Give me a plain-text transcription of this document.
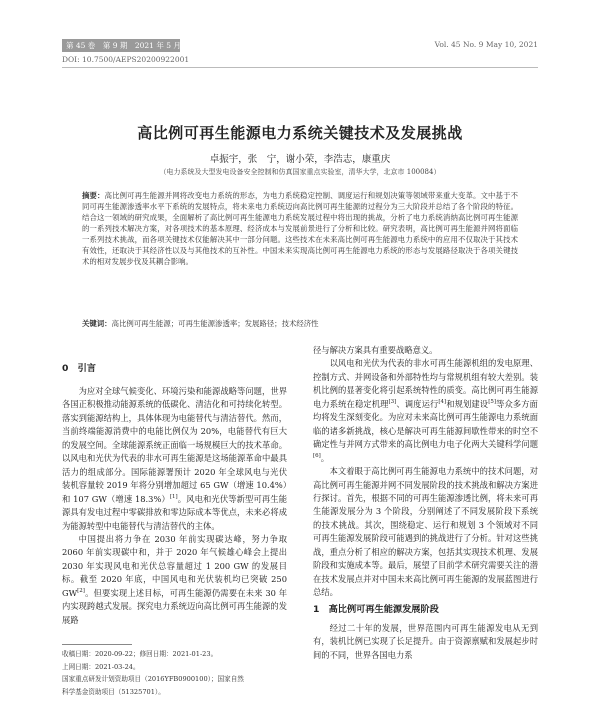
第 45 卷　第 9 期　2021 年 5 月 10 日	Vol. 45 No. 9 May 10, 2021
DOI: 10.7500/AEPS20200922001
高比例可再生能源电力系统关键技术及发展挑战
卓振宇，张　宁，谢小荣，李浩志，康重庆
（电力系统及大型发电设备安全控制和仿真国家重点实验室，清华大学，北京市 100084）
摘要：高比例可再生能源并网将改变电力系统的形态，为电力系统稳定控制、调度运行和规划决策等领域带来重大变革。文中基于不同可再生能源渗透率水平下系统的发展特点，将未来电力系统迈向高比例可再生能源的过程分为三大阶段并总结了各个阶段的特征。结合这一领域的研究成果，全面解析了高比例可再生能源电力系统发展过程中将出现的挑战，分析了电力系统消纳高比例可再生能源的一系列技术解决方案，对各项技术的基本原理、经济成本与发展前景进行了分析和比较。研究表明，高比例可再生能源并网将面临一系列技术挑战，而各项关键技术仅能解决其中一部分问题。这些技术在未来高比例可再生能源电力系统中的应用不仅取决于其技术有效性，还取决于其经济性以及与其他技术的互补性。中国未来实现高比例可再生能源电力系统的形态与发展路径取决于各项关键技术的相对发展步伐及其耦合影响。
关键词：高比例可再生能源；可再生能源渗透率；发展路径；技术经济性
0　引言

为应对全球气候变化、环境污染和能源战略等问题，世界各国正积极推动能源系统的低碳化、清洁化和可持续化转型。落实到能源结构上，具体体现为电能替代与清洁替代。然而，当前终端能源消费中的电能比例仅为 20%，电能替代有巨大的发展空间。全球能源系统正面临一场规模巨大的技术革命。以风电和光伏为代表的非水可再生能源是这场能源革命中最具活力的组成部分。国际能源署预计 2020 年全球风电与光伏装机容量较 2019 年将分别增加超过 65 GW（增速 10.4%）和 107 GW（增速 18.3%）[1]。风电和光伏等新型可再生能源具有发电过程中零碳排放和零边际成本等优点，未来必将成为能源转型中电能替代与清洁替代的主体。

中国提出将力争在 2030 年前实现碳达峰，努力争取 2060 年前实现碳中和，并于 2020 年气候雄心峰会上提出 2030 年实现风电和光伏总容量超过 1 200 GW 的发展目标。截至 2020 年底，中国风电和光伏装机均已突破 250 GW[2]。但要实现上述目标，可再生能源仍需要在未来 30 年内实现跨越式发展。探究电力系统迈向高比例可再生能源的发展路

径与解决方案具有重要战略意义。

以风电和光伏为代表的非水可再生能源机组的发电原理、控制方式、并网设备和外部特性均与常规机组有较大差别。装机比例的显著变化将引起系统特性的质变。高比例可再生能源电力系统在稳定机理[3]、调度运行[4]和规划建设[5]等众多方面均将发生深刻变化。为应对未来高比例可再生能源电力系统面临的诸多新挑战，核心是解决可再生能源间歇性带来的时空不确定性与并网方式带来的高比例电力电子化两大关键科学问题[6]。

本文着眼于高比例可再生能源电力系统中的技术问题，对高比例可再生能源并网不同发展阶段的技术挑战和解决方案进行探讨。首先，根据不同的可再生能源渗透比例，将未来可再生能源发展分为 3 个阶段，分别阐述了不同发展阶段下系统的技术挑战。其次，围绕稳定、运行和规划 3 个领域对不同可再生能源发展阶段可能遇到的挑战进行了分析。针对这些挑战，重点分析了相应的解决方案，包括其实现技术机理、发展阶段和实施成本等。最后，展望了目前学术研究需要关注的潜在技术发展点并对中国未来高比例可再生能源的发展蓝图进行总结。

1　高比例可再生能源发展阶段

经过二十年的发展，世界范围内可再生能源发电从无到有，装机比例已实现了长足提升。由于资源禀赋和发展起步时间的不同，世界各国电力系

收稿日期：2020-09-22；修回日期：2021-01-23。
上网日期：2021-03-24。
国家重点研发计划资助项目（2016YFB0900100）；国家自然
科学基金资助项目（51325701）。
